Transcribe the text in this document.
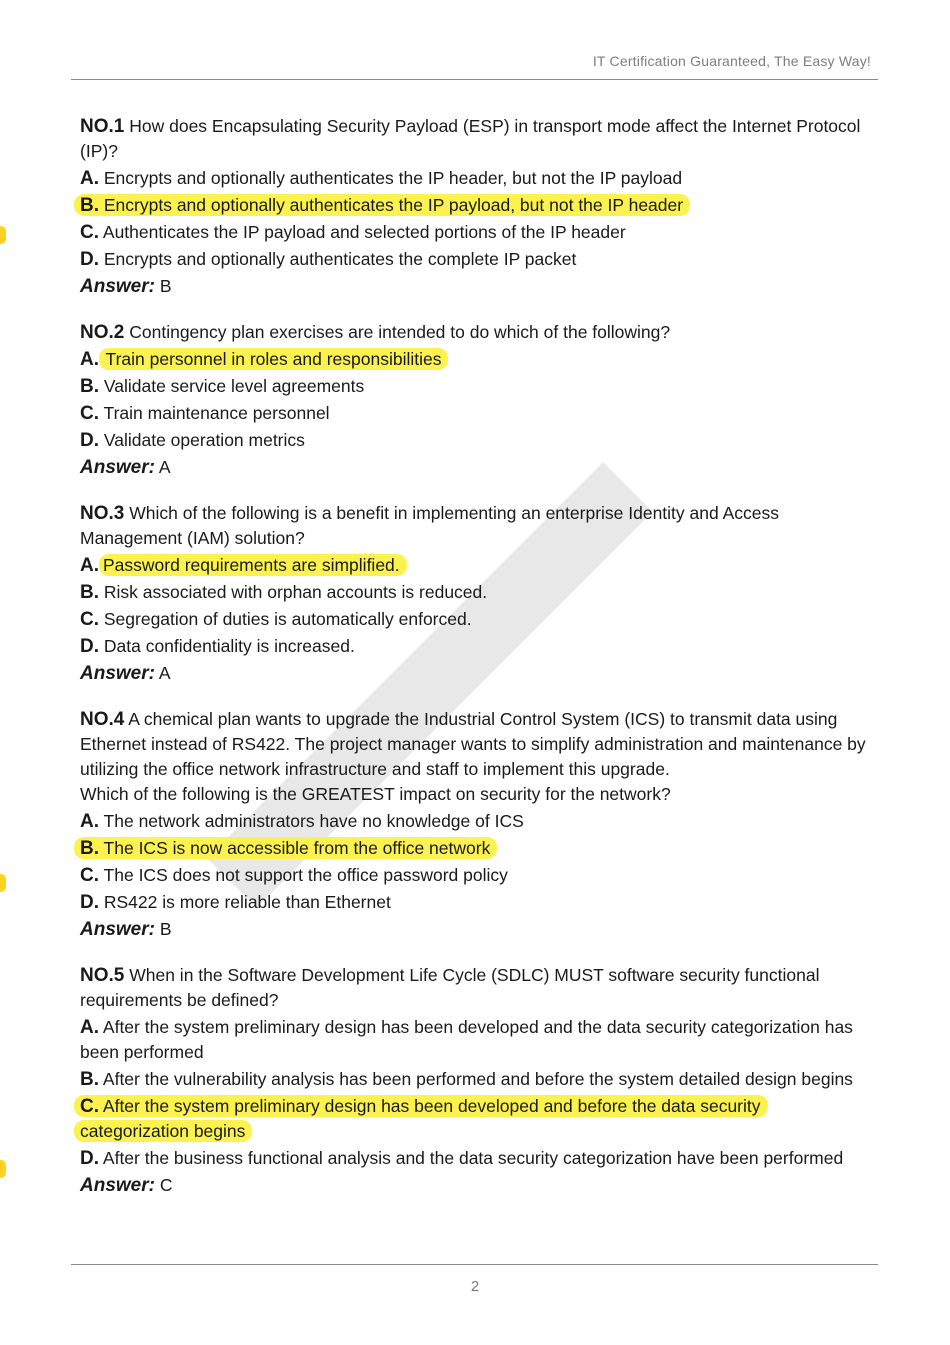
IT Certification Guaranteed, The Easy Way!
NO.1 How does Encapsulating Security Payload (ESP) in transport mode affect the Internet Protocol (IP)?
A. Encrypts and optionally authenticates the IP header, but not the IP payload
B. Encrypts and optionally authenticates the IP payload, but not the IP header
C. Authenticates the IP payload and selected portions of the IP header
D. Encrypts and optionally authenticates the complete IP packet
Answer: B
NO.2 Contingency plan exercises are intended to do which of the following?
A. Train personnel in roles and responsibilities
B. Validate service level agreements
C. Train maintenance personnel
D. Validate operation metrics
Answer: A
NO.3 Which of the following is a benefit in implementing an enterprise Identity and Access Management (IAM) solution?
A. Password requirements are simplified.
B. Risk associated with orphan accounts is reduced.
C. Segregation of duties is automatically enforced.
D. Data confidentiality is increased.
Answer: A
NO.4 A chemical plan wants to upgrade the Industrial Control System (ICS) to transmit data using Ethernet instead of RS422. The project manager wants to simplify administration and maintenance by utilizing the office network infrastructure and staff to implement this upgrade.
Which of the following is the GREATEST impact on security for the network?
A. The network administrators have no knowledge of ICS
B. The ICS is now accessible from the office network
C. The ICS does not support the office password policy
D. RS422 is more reliable than Ethernet
Answer: B
NO.5 When in the Software Development Life Cycle (SDLC) MUST software security functional requirements be defined?
A. After the system preliminary design has been developed and the data security categorization has been performed
B. After the vulnerability analysis has been performed and before the system detailed design begins
C. After the system preliminary design has been developed and before the data security categorization begins
D. After the business functional analysis and the data security categorization have been performed
Answer: C
2
